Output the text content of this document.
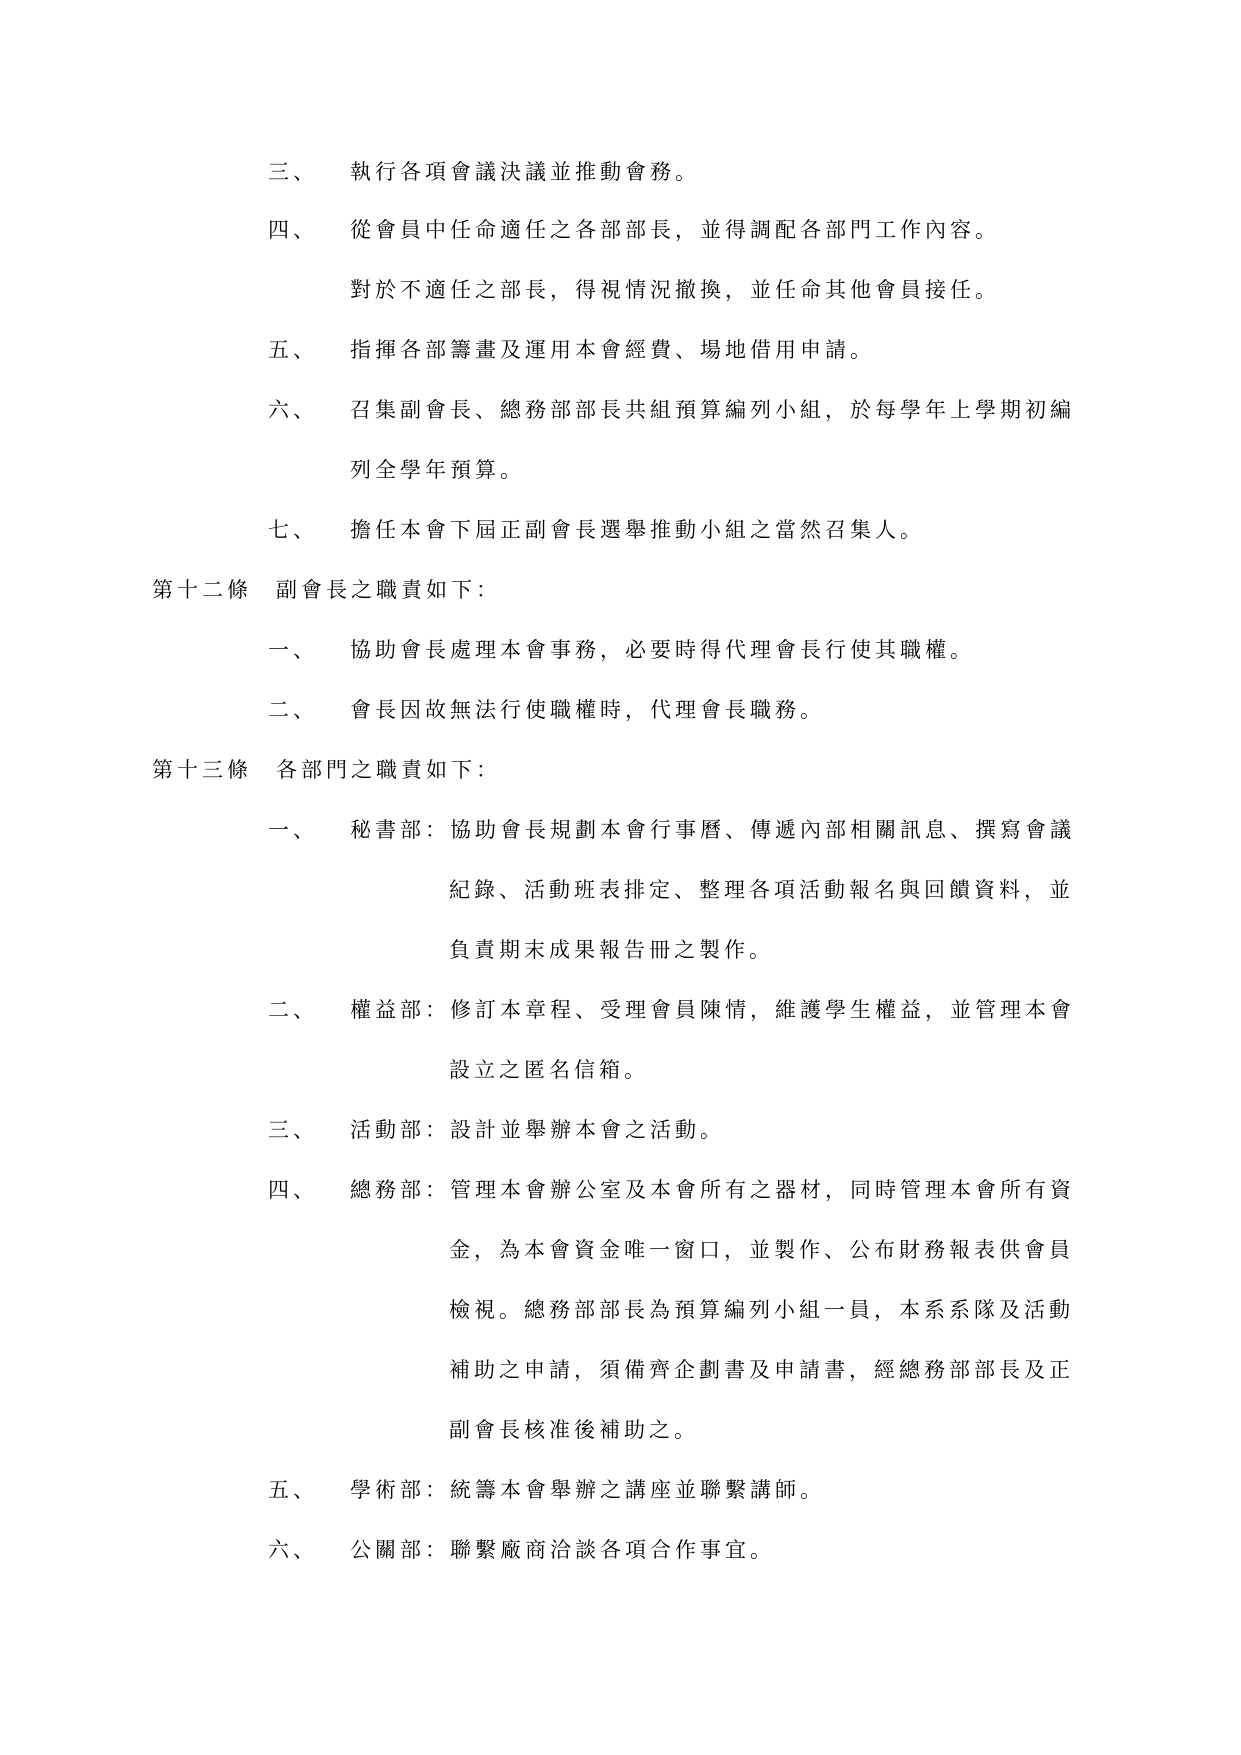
三、 執行各項會議決議並推動會務。
四、 從會員中任命適任之各部部長，並得調配各部門工作內容。
對於不適任之部長，得視情況撤換，並任命其他會員接任。
五、 指揮各部籌畫及運用本會經費、場地借用申請。
六、 召集副會長、總務部部長共組預算編列小組，於每學年上學期初編
列全學年預算。
七、 擔任本會下屆正副會長選舉推動小組之當然召集人。
第十二條 副會長之職責如下：
一、 協助會長處理本會事務，必要時得代理會長行使其職權。
二、 會長因故無法行使職權時，代理會長職務。
第十三條 各部門之職責如下：
一、 秘書部：協助會長規劃本會行事曆、傳遞內部相關訊息、撰寫會議
紀錄、活動班表排定、整理各項活動報名與回饋資料，並
負責期末成果報告冊之製作。
二、 權益部：修訂本章程、受理會員陳情，維護學生權益，並管理本會
設立之匿名信箱。
三、 活動部：設計並舉辦本會之活動。
四、 總務部：管理本會辦公室及本會所有之器材，同時管理本會所有資
金，為本會資金唯一窗口，並製作、公布財務報表供會員
檢視。總務部部長為預算編列小組一員，本系系隊及活動
補助之申請，須備齊企劃書及申請書，經總務部部長及正
副會長核准後補助之。
五、 學術部：統籌本會舉辦之講座並聯繫講師。
六、 公關部：聯繫廠商洽談各項合作事宜。
